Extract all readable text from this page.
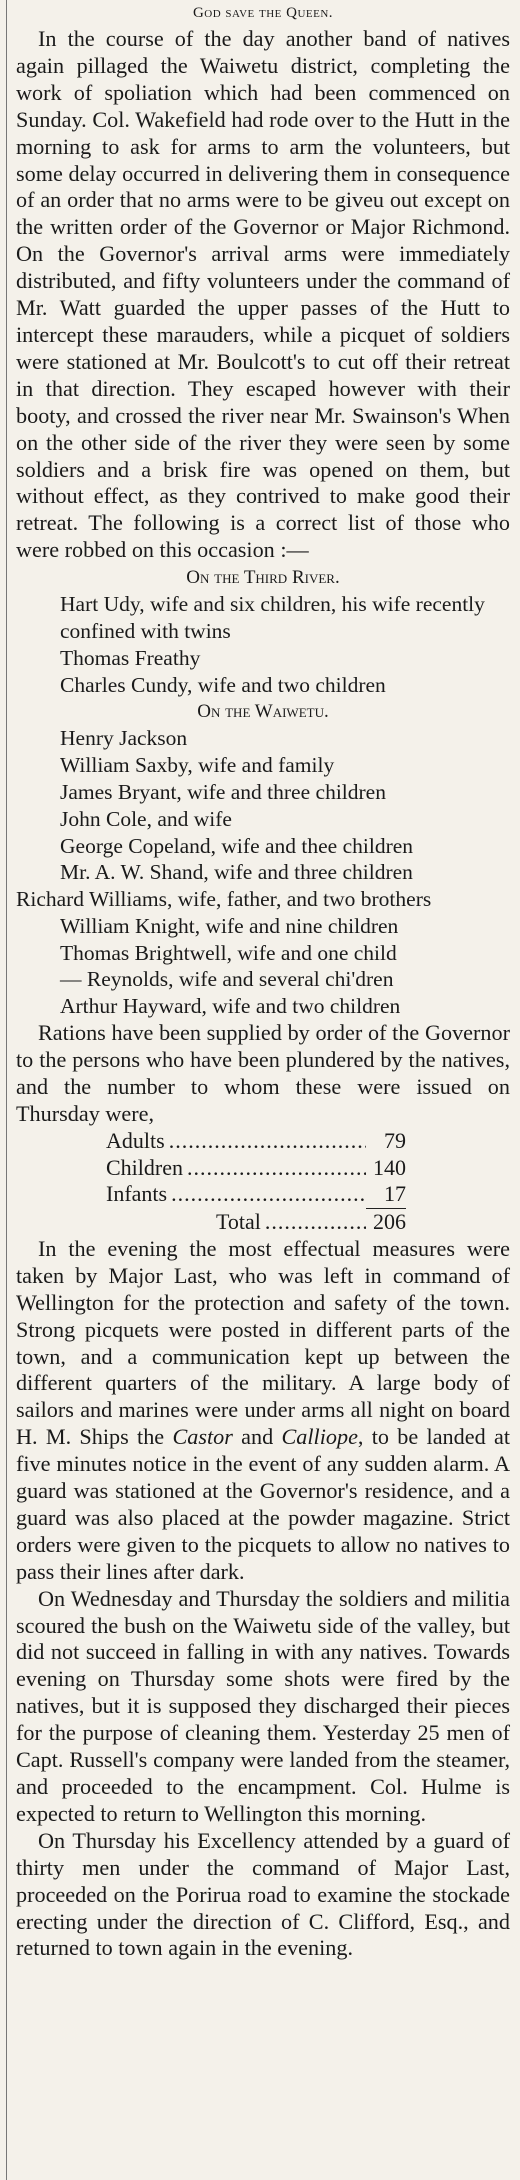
God save the Queen.

In the course of the day another band of natives again pillaged the Waiwetu district, completing the work of spoliation which had been commenced on Sunday. Col. Wakefield had rode over to the Hutt in the morning to ask for arms to arm the volunteers, but some delay occurred in delivering them in consequence of an order that no arms were to be giveu out except on the written order of the Governor or Major Richmond. On the Governor's arrival arms were immediately distributed, and fifty volunteers under the command of Mr. Watt guarded the upper passes of the Hutt to intercept these marauders, while a picquet of soldiers were stationed at Mr. Boulcott's to cut off their retreat in that direction. They escaped however with their booty, and crossed the river near Mr. Swainson's When on the other side of the river they were seen by some soldiers and a brisk fire was opened on them, but without effect, as they contrived to make good their retreat. The following is a correct list of those who were robbed on this occasion :—

On the Third River.
Hart Udy, wife and six children, his wife recently confined with twins
Thomas Freathy
Charles Cundy, wife and two children
On the Waiwetu.
Henry Jackson
William Saxby, wife and family
James Bryant, wife and three children
John Cole, and wife
George Copeland, wife and thee children
Mr. A. W. Shand, wife and three children
Richard Williams, wife, father, and two brothers
William Knight, wife and nine children
Thomas Brightwell, wife and one child
— Reynolds, wife and several chi'dren
Arthur Hayward, wife and two children

Rations have been supplied by order of the Governor to the persons who have been plundered by the natives, and the number to whom these were issued on Thursday were,

Adults .....	79
Children .....	140
Infants .....	17
Total .....	206

In the evening the most effectual measures were taken by Major Last, who was left in command of Wellington for the protection and safety of the town. Strong picquets were posted in different parts of the town, and a communication kept up between the different quarters of the military. A large body of sailors and marines were under arms all night on board H. M. Ships the Castor and Calliope, to be landed at five minutes notice in the event of any sudden alarm. A guard was stationed at the Governor's residence, and a guard was also placed at the powder magazine. Strict orders were given to the picquets to allow no natives to pass their lines after dark.

On Wednesday and Thursday the soldiers and militia scoured the bush on the Waiwetu side of the valley, but did not succeed in falling in with any natives. Towards evening on Thursday some shots were fired by the natives, but it is supposed they discharged their pieces for the purpose of cleaning them. Yesterday 25 men of Capt. Russell's company were landed from the steamer, and proceeded to the encampment. Col. Hulme is expected to return to Wellington this morning.

On Thursday his Excellency attended by a guard of thirty men under the command of Major Last, proceeded on the Porirua road to examine the stockade erecting under the direction of C. Clifford, Esq., and returned to town again in the evening.
